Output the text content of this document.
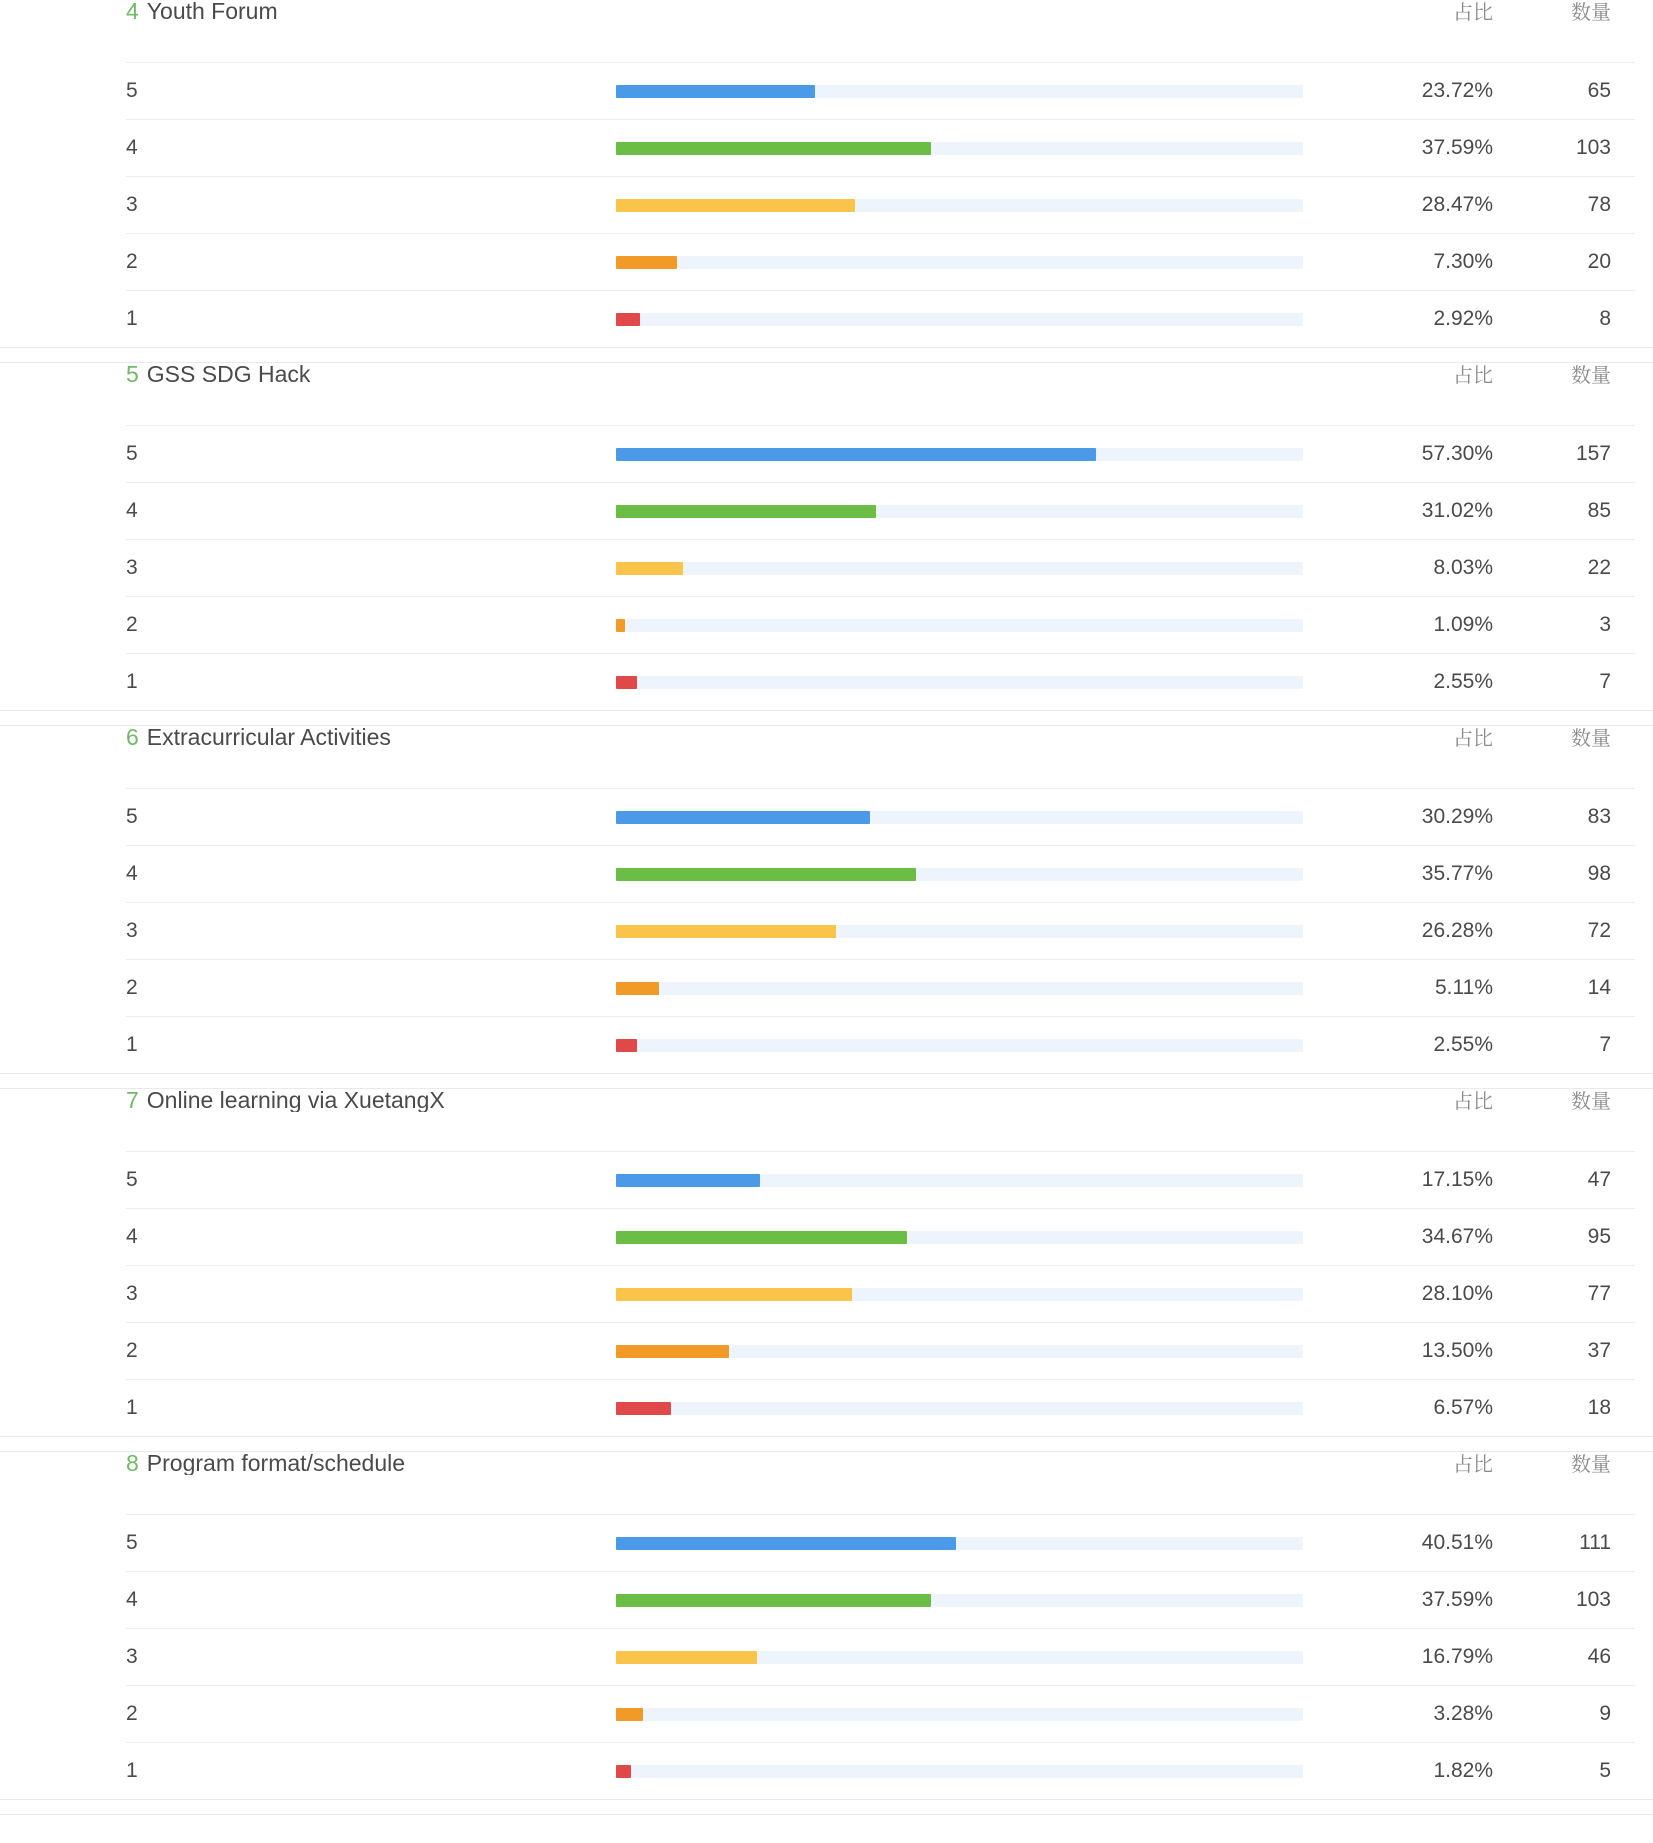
4 Youth Forum	占比	数量
5	23.72%	65
4	37.59%	103
3	28.47%	78
2	7.30%	20
1	2.92%	8
5 GSS SDG Hack	占比	数量
5	57.30%	157
4	31.02%	85
3	8.03%	22
2	1.09%	3
1	2.55%	7
6 Extracurricular Activities	占比	数量
5	30.29%	83
4	35.77%	98
3	26.28%	72
2	5.11%	14
1	2.55%	7
7 Online learning via XuetangX	占比	数量
5	17.15%	47
4	34.67%	95
3	28.10%	77
2	13.50%	37
1	6.57%	18
8 Program format/schedule	占比	数量
5	40.51%	111
4	37.59%	103
3	16.79%	46
2	3.28%	9
1	1.82%	5
